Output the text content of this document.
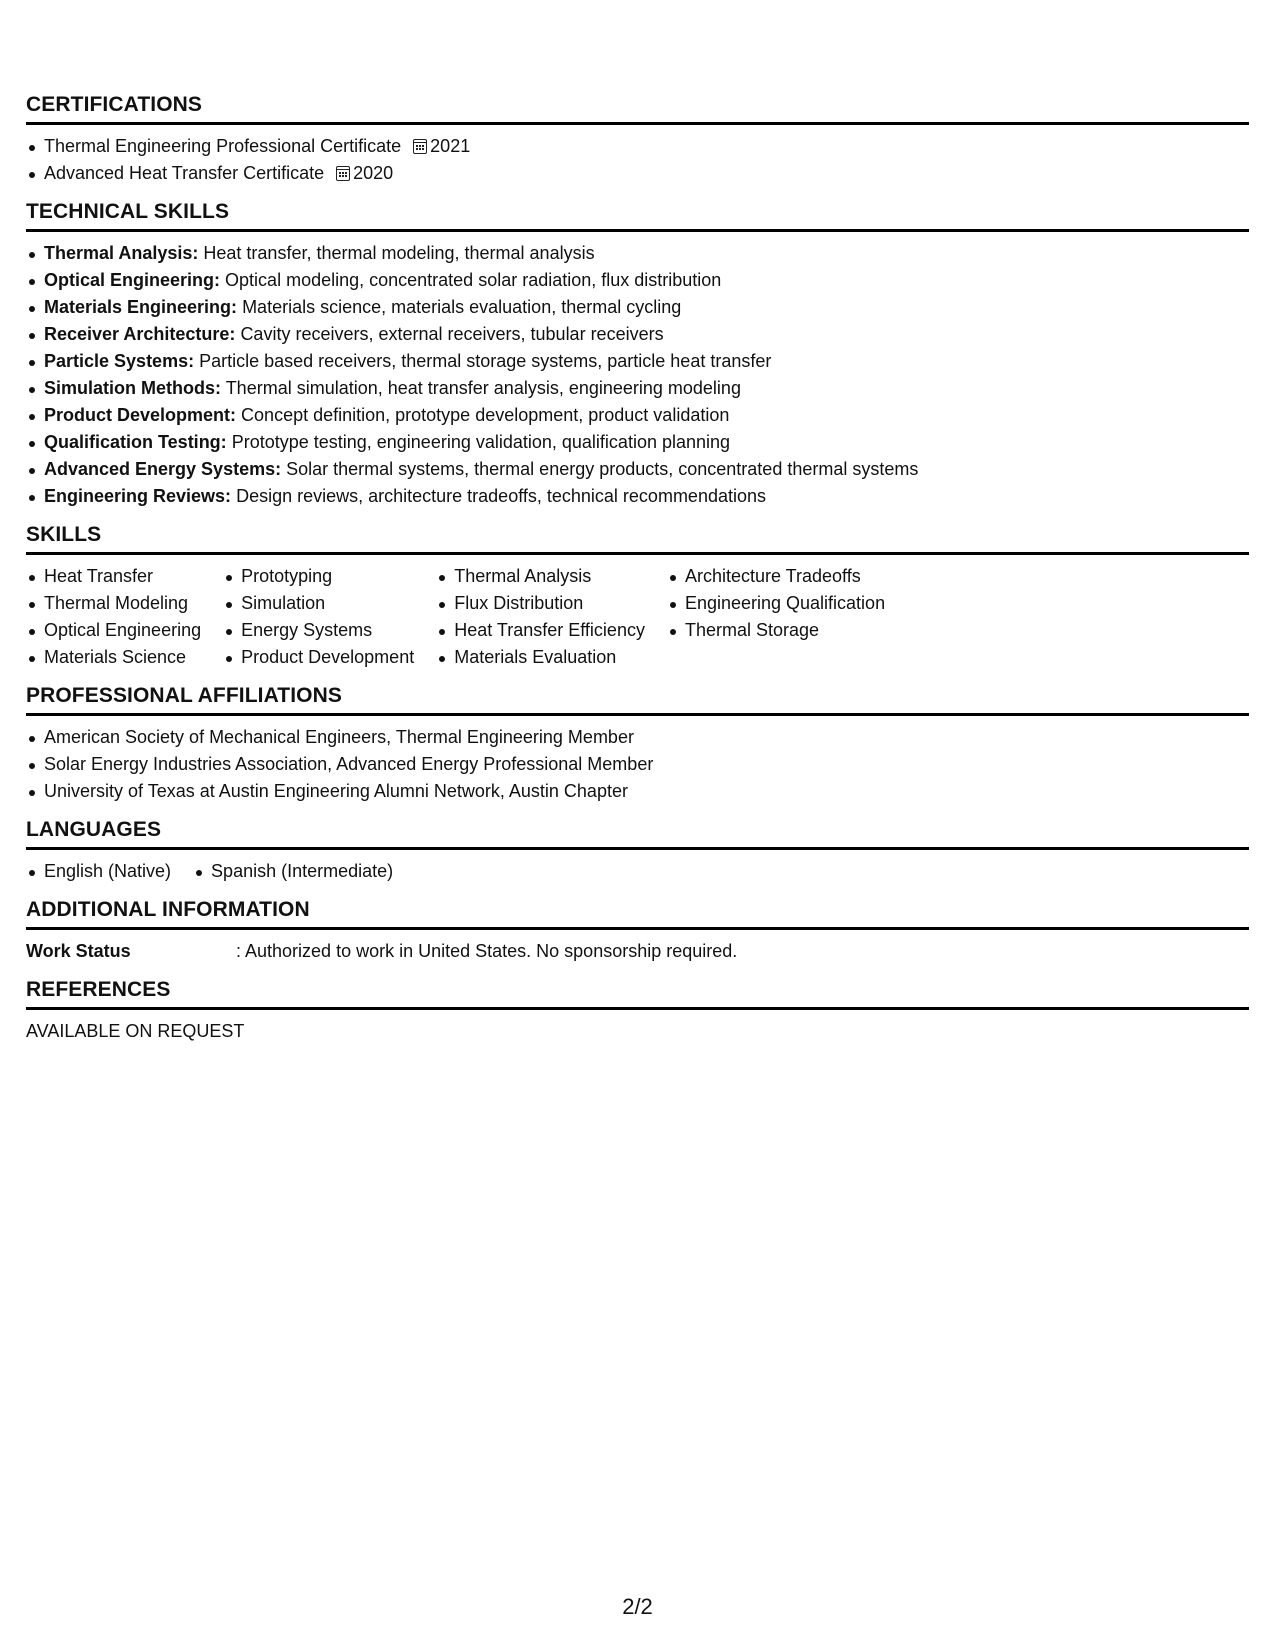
CERTIFICATIONS
Thermal Engineering Professional Certificate 2021
Advanced Heat Transfer Certificate 2020
TECHNICAL SKILLS
Thermal Analysis: Heat transfer, thermal modeling, thermal analysis
Optical Engineering: Optical modeling, concentrated solar radiation, flux distribution
Materials Engineering: Materials science, materials evaluation, thermal cycling
Receiver Architecture: Cavity receivers, external receivers, tubular receivers
Particle Systems: Particle based receivers, thermal storage systems, particle heat transfer
Simulation Methods: Thermal simulation, heat transfer analysis, engineering modeling
Product Development: Concept definition, prototype development, product validation
Qualification Testing: Prototype testing, engineering validation, qualification planning
Advanced Energy Systems: Solar thermal systems, thermal energy products, concentrated thermal systems
Engineering Reviews: Design reviews, architecture tradeoffs, technical recommendations
SKILLS
Heat Transfer
Thermal Modeling
Optical Engineering
Materials Science
Prototyping
Simulation
Energy Systems
Product Development
Thermal Analysis
Flux Distribution
Heat Transfer Efficiency
Materials Evaluation
Architecture Tradeoffs
Engineering Qualification
Thermal Storage
PROFESSIONAL AFFILIATIONS
American Society of Mechanical Engineers, Thermal Engineering Member
Solar Energy Industries Association, Advanced Energy Professional Member
University of Texas at Austin Engineering Alumni Network, Austin Chapter
LANGUAGES
English (Native)	Spanish (Intermediate)
ADDITIONAL INFORMATION
Work Status	: Authorized to work in United States. No sponsorship required.
REFERENCES
AVAILABLE ON REQUEST
2/2
